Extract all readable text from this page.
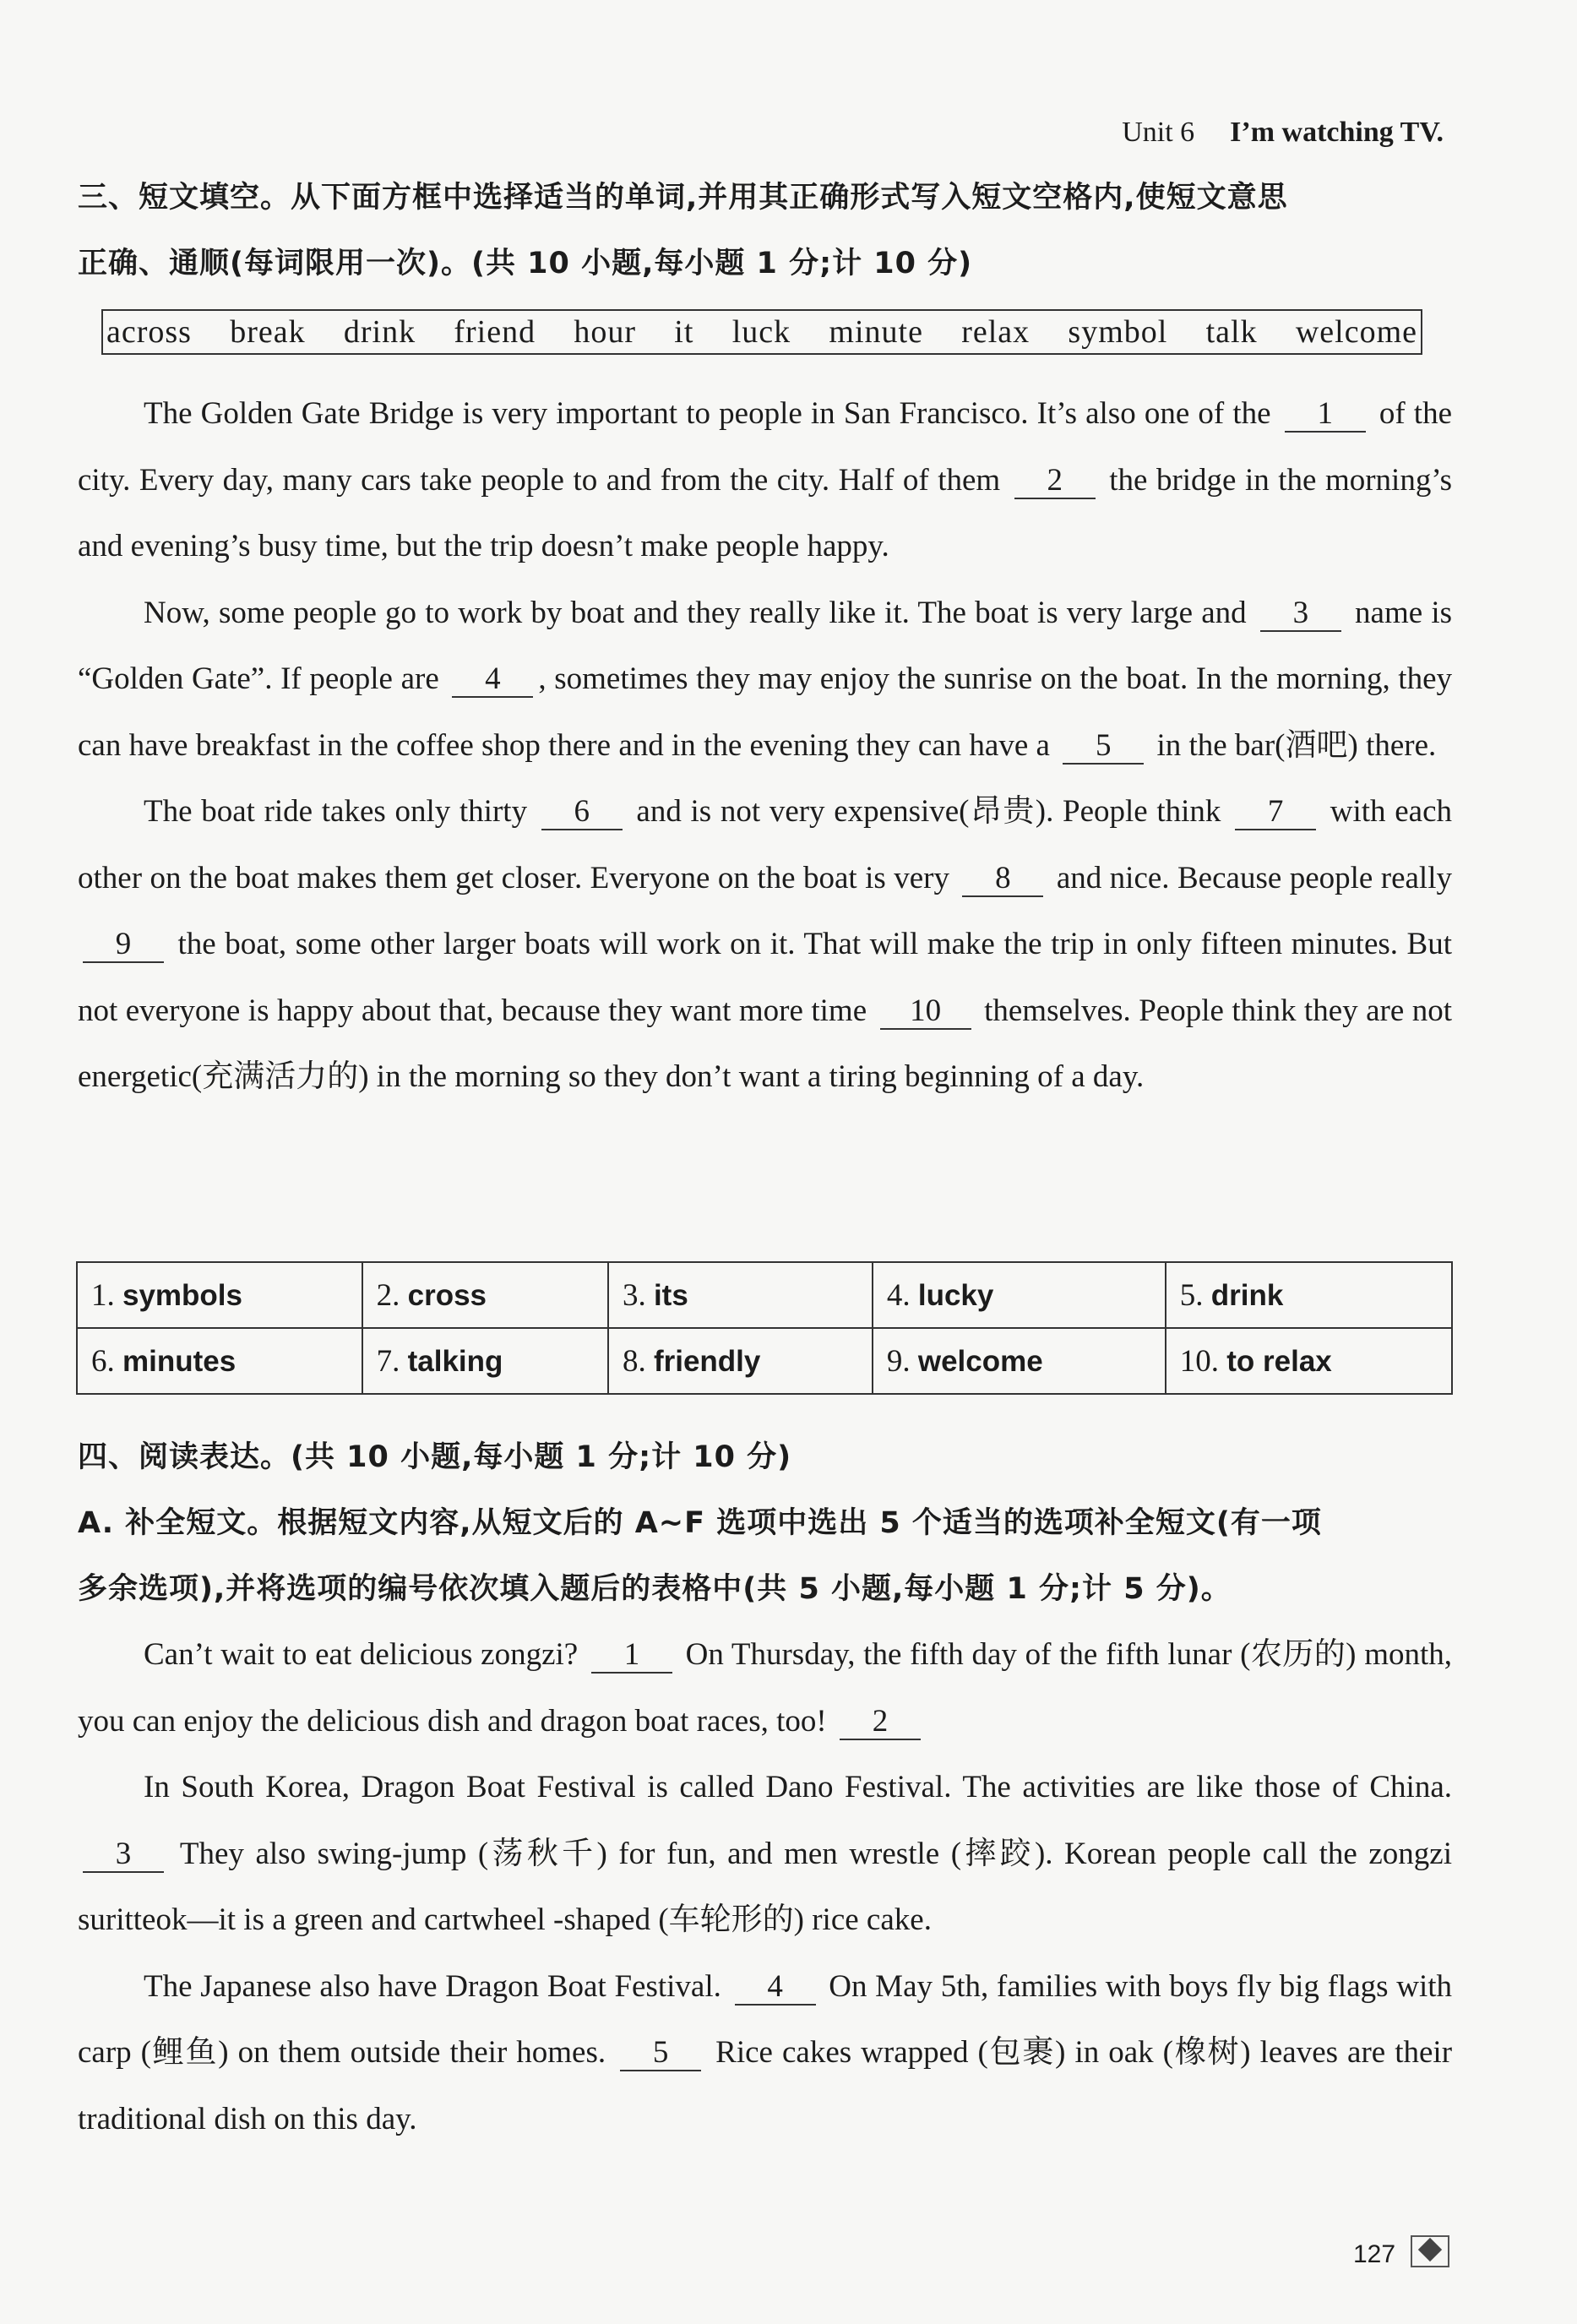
Unit 6 I’m watching TV.
三、短文填空。从下面方框中选择适当的单词,并用其正确形式写入短文空格内,使短文意思
正确、通顺(每词限用一次)。(共 10 小题,每小题 1 分;计 10 分)
across break drink friend hour it luck minute relax symbol talk welcome

The Golden Gate Bridge is very important to people in San Francisco. It’s also one of the 1 of the city. Every day, many cars take people to and from the city. Half of them 2 the bridge in the morning’s and evening’s busy time, but the trip doesn’t make people happy.

Now, some people go to work by boat and they really like it. The boat is very large and 3 name is “Golden Gate”. If people are 4 , sometimes they may enjoy the sunrise on the boat. In the morning, they can have breakfast in the coffee shop there and in the evening they can have a 5 in the bar(酒吧) there.

The boat ride takes only thirty 6 and is not very expensive(昂贵). People think 7 with each other on the boat makes them get closer. Everyone on the boat is very 8 and nice. Because people really 9 the boat, some other larger boats will work on it. That will make the trip in only fifteen minutes. But not everyone is happy about that, because they want more time 10 themselves. People think they are not energetic(充满活力的) in the morning so they don’t want a tiring beginning of a day.

1. symbols	2. cross	3. its	4. lucky	5. drink
6. minutes	7. talking	8. friendly	9. welcome	10. to relax
四、阅读表达。(共 10 小题,每小题 1 分;计 10 分)
A. 补全短文。根据短文内容,从短文后的 A~F 选项中选出 5 个适当的选项补全短文(有一项
多余选项),并将选项的编号依次填入题后的表格中(共 5 小题,每小题 1 分;计 5 分)。

Can’t wait to eat delicious zongzi? 1 On Thursday, the fifth day of the fifth lunar (农历的) month, you can enjoy the delicious dish and dragon boat races, too! 2

In South Korea, Dragon Boat Festival is called Dano Festival. The activities are like those of China. 3 They also swing-jump (荡秋千) for fun, and men wrestle (摔跤). Korean people call the zongzi suritteok—it is a green and cartwheel -shaped (车轮形的) rice cake.

The Japanese also have Dragon Boat Festival. 4 On May 5th, families with boys fly big flags with carp (鲤鱼) on them outside their homes. 5 Rice cakes wrapped (包裹) in oak (橡树) leaves are their traditional dish on this day.

127
